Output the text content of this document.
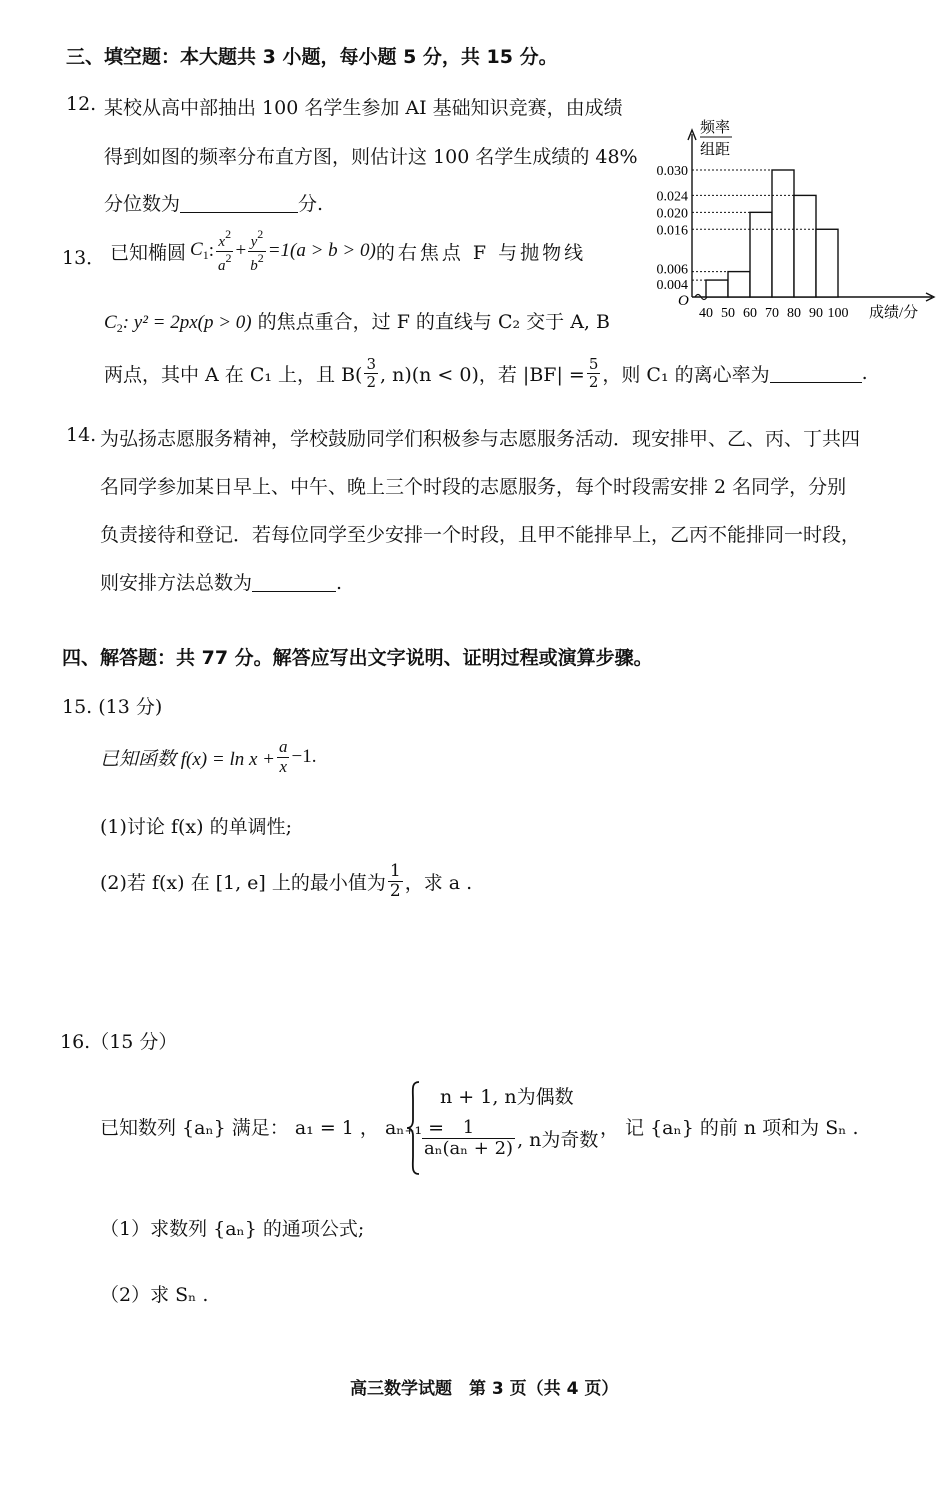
三、填空题：本大题共 3 小题，每小题 5 分，共 15 分。
12. 某校从高中部抽出 100 名学生参加 AI 基础知识竞赛，由成绩
得到如图的频率分布直方图，则估计这 100 名学生成绩的 48%
分位数为	分.
0.004
0.006
0.020
0.030
0.024
0.016
40 50 60 70 80 90 100
O
频率
组距
成绩/分
13． 已知椭圆 $C_1$ : $\frac{x^2}{a^2} + \frac{y^2}{b^2} =1(a > b > 0)$ 的右焦点 F 与抛物线
$C_2$: y² = 2px(p > 0) 的焦点重合，过 F 的直线与 C₂ 交于 A, B
两点，其中 A 在 C₁ 上，且 $B( \frac{3}{2}$ , n)(n < 0)，若 $|BF| = \frac{5}{2}$ ，则 C₁ 的离心率为	.
14. 为弘扬志愿服务精神，学校鼓励同学们积极参与志愿服务活动．现安排甲、乙、丙、丁共四
名同学参加某日早上、中午、晚上三个时段的志愿服务，每个时段需安排 2 名同学，分别
负责接待和登记．若每位同学至少安排一个时段，且甲不能排早上，乙丙不能排同一时段，
则安排方法总数为	.
四、解答题：共 77 分。解答应写出文字说明、证明过程或演算步骤。
15. (13 分)
已知函数 $f(x) = \ln x + \frac{a}{x} -1$.
(1)讨论 f(x) 的单调性;
(2)若 f(x) 在 [1, e] 上的最小值为 $\frac{1}{2}$ ，求 a .
16.（15 分）
已知数列 {aₙ} 满足： a₁ = 1 ， aₙ₊₁ =
n + 1, n为偶数
$\frac{1}{\text{aₙ(aₙ + 2)}}$ , n为奇数
， 记 {aₙ} 的前 n 项和为 Sₙ .
（1）求数列 {aₙ} 的通项公式;
（2）求 Sₙ .
高三数学试题　第 3 页（共 4 页）
